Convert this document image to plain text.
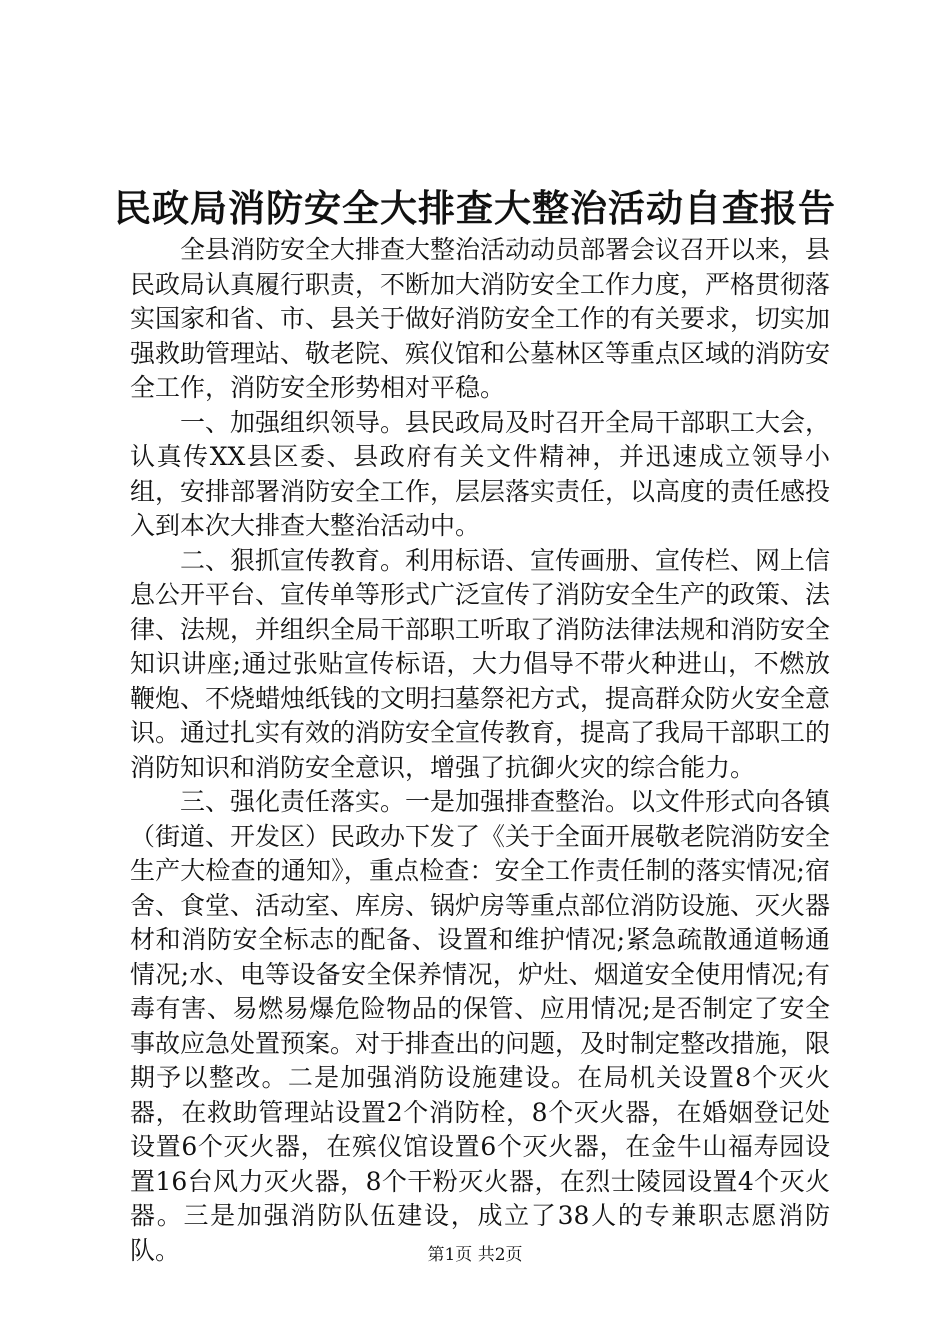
民政局消防安全大排查大整治活动自查报告

全县消防安全大排查大整治活动动员部署会议召开以来，县民政局认真履行职责，不断加大消防安全工作力度，严格贯彻落实国家和省、市、县关于做好消防安全工作的有关要求，切实加强救助管理站、敬老院、殡仪馆和公墓林区等重点区域的消防安全工作，消防安全形势相对平稳。

一、加强组织领导。县民政局及时召开全局干部职工大会，认真传XX县区委、县政府有关文件精神，并迅速成立领导小组，安排部署消防安全工作，层层落实责任，以高度的责任感投入到本次大排查大整治活动中。

二、狠抓宣传教育。利用标语、宣传画册、宣传栏、网上信息公开平台、宣传单等形式广泛宣传了消防安全生产的政策、法律、法规，并组织全局干部职工听取了消防法律法规和消防安全知识讲座;通过张贴宣传标语，大力倡导不带火种进山，不燃放鞭炮、不烧蜡烛纸钱的文明扫墓祭祀方式，提高群众防火安全意识。通过扎实有效的消防安全宣传教育，提高了我局干部职工的消防知识和消防安全意识，增强了抗御火灾的综合能力。

三、强化责任落实。一是加强排查整治。以文件形式向各镇（街道、开发区）民政办下发了《关于全面开展敬老院消防安全生产大检查的通知》，重点检查：安全工作责任制的落实情况;宿舍、食堂、活动室、库房、锅炉房等重点部位消防设施、灭火器材和消防安全标志的配备、设置和维护情况;紧急疏散通道畅通情况;水、电等设备安全保养情况，炉灶、烟道安全使用情况;有毒有害、易燃易爆危险物品的保管、应用情况;是否制定了安全事故应急处置预案。对于排查出的问题，及时制定整改措施，限期予以整改。二是加强消防设施建设。在局机关设置8个灭火器，在救助管理站设置2个消防栓，8个灭火器，在婚姻登记处设置6个灭火器，在殡仪馆设置6个灭火器，在金牛山福寿园设置16台风力灭火器，8个干粉灭火器，在烈士陵园设置4个灭火器。三是加强消防队伍建设，成立了38人的专兼职志愿消防队。	第1页 共2页
